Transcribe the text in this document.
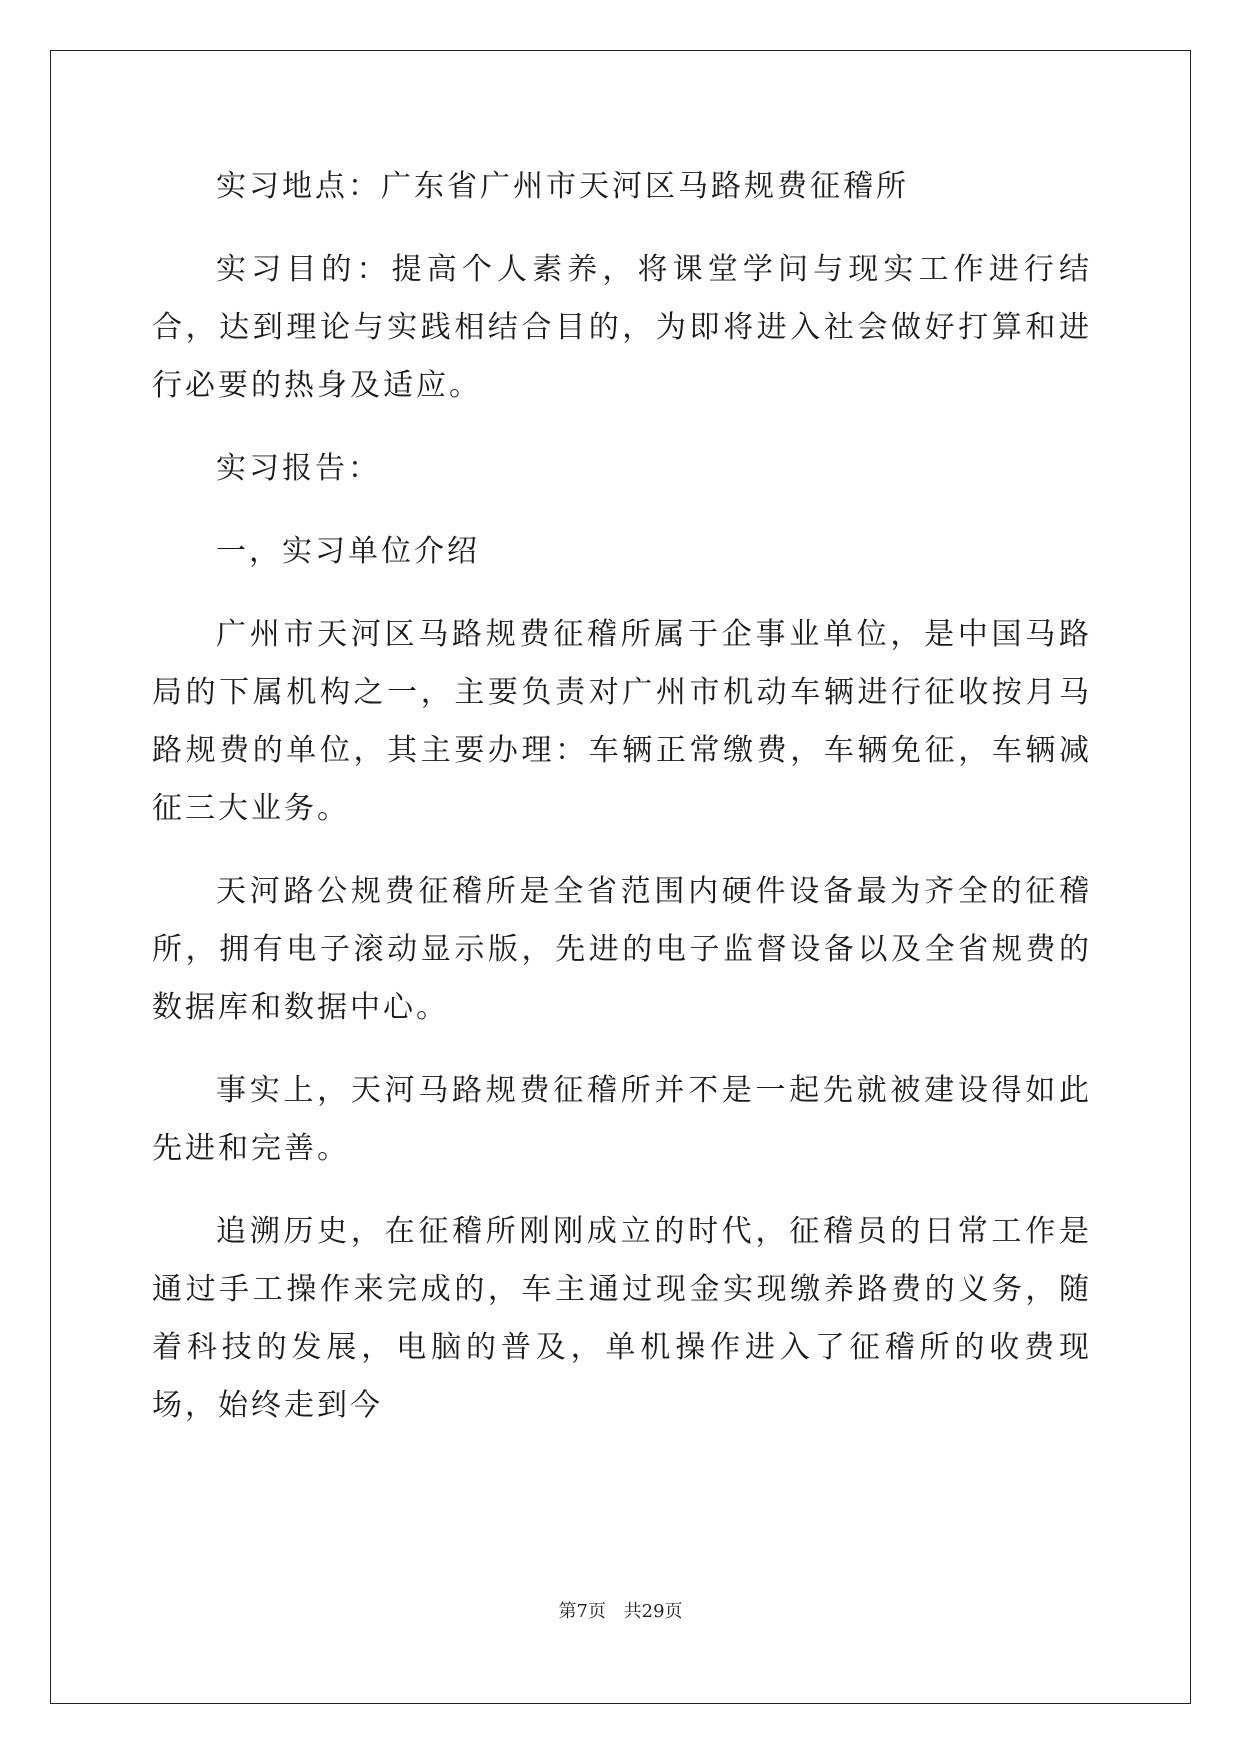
实习地点：广东省广州市天河区马路规费征稽所

实习目的：提高个人素养，将课堂学问与现实工作进行结合，达到理论与实践相结合目的，为即将进入社会做好打算和进行必要的热身及适应。

实习报告：

一，实习单位介绍

广州市天河区马路规费征稽所属于企事业单位，是中国马路局的下属机构之一，主要负责对广州市机动车辆进行征收按月马路规费的单位，其主要办理：车辆正常缴费，车辆免征，车辆减征三大业务。

天河路公规费征稽所是全省范围内硬件设备最为齐全的征稽所，拥有电子滚动显示版，先进的电子监督设备以及全省规费的数据库和数据中心。

事实上，天河马路规费征稽所并不是一起先就被建设得如此先进和完善。

追溯历史，在征稽所刚刚成立的时代，征稽员的日常工作是通过手工操作来完成的，车主通过现金实现缴养路费的义务，随着科技的发展，电脑的普及，单机操作进入了征稽所的收费现场，始终走到今

第7页 共29页
